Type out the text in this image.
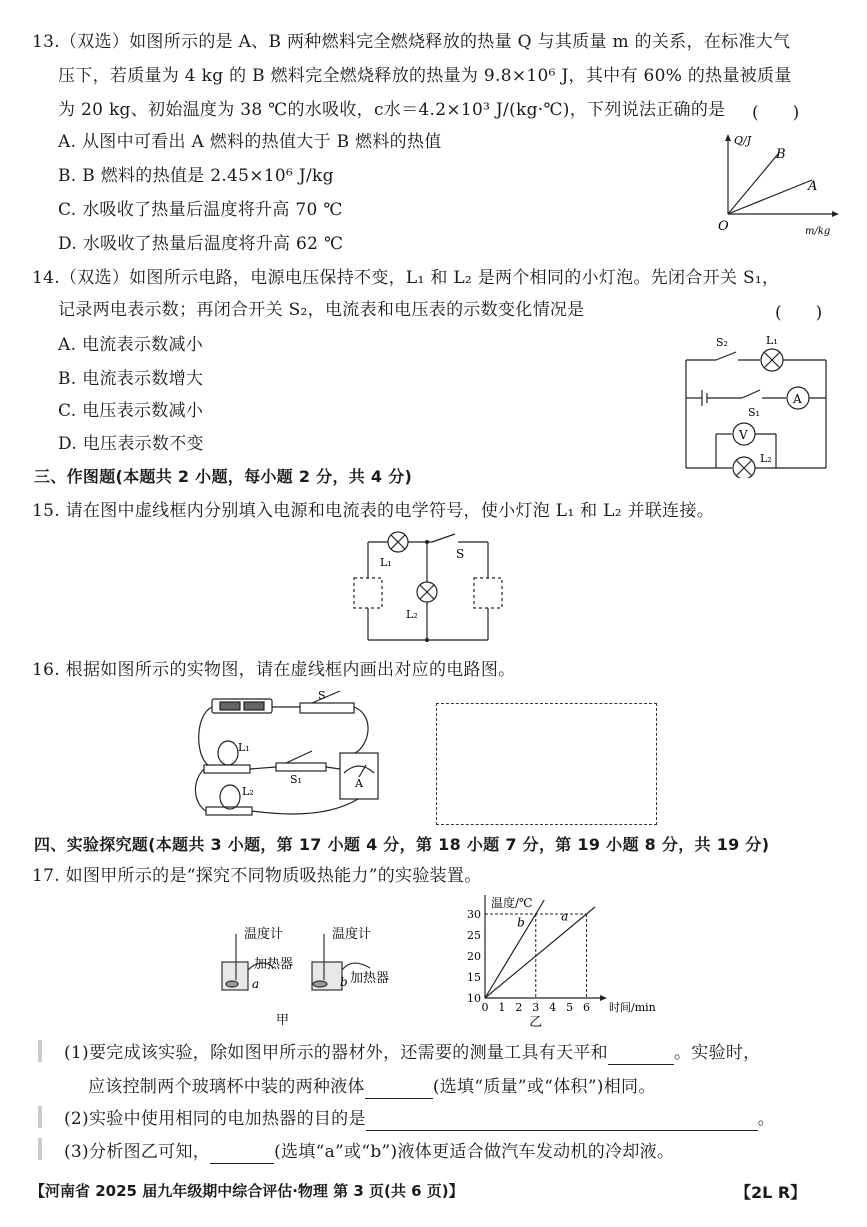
13.（双选）如图所示的是 A、B 两种燃料完全燃烧释放的热量 Q 与其质量 m 的关系，在标准大气
压下，若质量为 4 kg 的 B 燃料完全燃烧释放的热量为 9.8×10⁶ J，其中有 60% 的热量被质量
为 20 kg、初始温度为 38 ℃的水吸收，c水＝4.2×10³ J/(kg·℃)，下列说法正确的是 (　　)
A. 从图中可看出 A 燃料的热值大于 B 燃料的热值
B. B 燃料的热值是 2.45×10⁶ J/kg
C. 水吸收了热量后温度将升高 70 ℃
D. 水吸收了热量后温度将升高 62 ℃
Q/J
B
A
O	m/kg
14.（双选）如图所示电路，电源电压保持不变，L₁ 和 L₂ 是两个相同的小灯泡。先闭合开关 S₁，
记录两电表示数；再闭合开关 S₂，电流表和电压表的示数变化情况是	(　　)
A. 电流表示数减小
B. 电流表示数增大
C. 电压表示数减小
D. 电压表示数不变
S₂	L₁
S₁
A
V
L₂
三、作图题(本题共 2 小题，每小题 2 分，共 4 分)
15. 请在图中虚线框内分别填入电源和电流表的电学符号，使小灯泡 L₁ 和 L₂ 并联连接。
L₁
L₂
S
16. 根据如图所示的实物图，请在虚线框内画出对应的电路图。
S
L₁
S₁	A
L₂
四、实验探究题(本题共 3 小题，第 17 小题 4 分，第 18 小题 7 分，第 19 小题 8 分，共 19 分)
17. 如图甲所示的是“探究不同物质吸热能力”的实验装置。
温度计	温度计
加热器
加热器
a	b
甲
10
15
20
25
30
0 1 2 3 4 5 6
b	a
温度/℃
时间/min
乙
(1)要完成该实验，除如图甲所示的器材外，还需要的测量工具有天平和	。实验时，
应该控制两个玻璃杯中装的两种液体	(选填“质量”或“体积”)相同。
(2)实验中使用相同的电加热器的目的是	。
(3)分析图乙可知，	(选填“a”或“b”)液体更适合做汽车发动机的冷却液。
【河南省 2025 届九年级期中综合评估·物理 第 3 页(共 6 页)】	【2L R】
